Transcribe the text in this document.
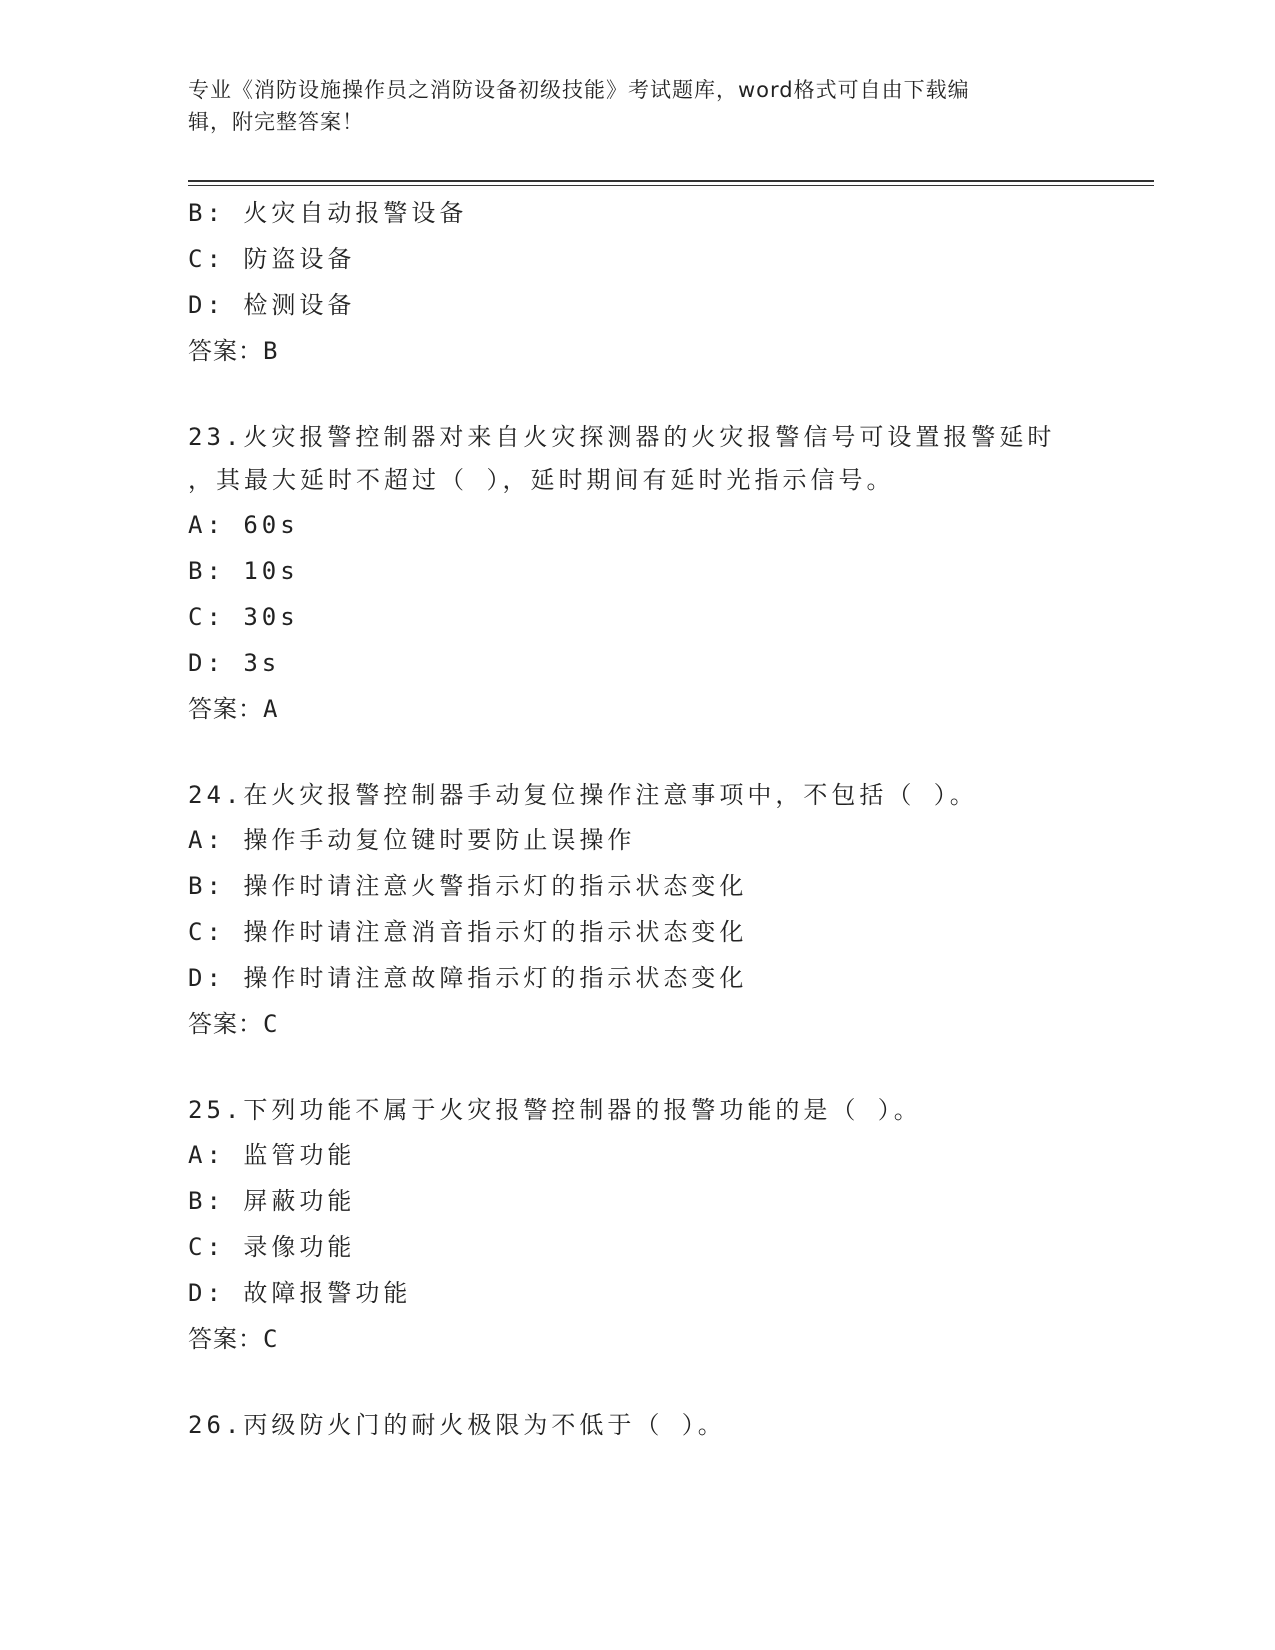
专业《消防设施操作员之消防设备初级技能》考试题库，word格式可自由下载编
辑，附完整答案！
B: 火灾自动报警设备
C: 防盗设备
D: 检测设备
答案：B
23.火灾报警控制器对来自火灾探测器的火灾报警信号可设置报警延时
，其最大延时不超过（ ），延时期间有延时光指示信号。
A: 60s
B: 10s
C: 30s
D: 3s
答案：A
24.在火灾报警控制器手动复位操作注意事项中，不包括（ ）。
A: 操作手动复位键时要防止误操作
B: 操作时请注意火警指示灯的指示状态变化
C: 操作时请注意消音指示灯的指示状态变化
D: 操作时请注意故障指示灯的指示状态变化
答案：C
25.下列功能不属于火灾报警控制器的报警功能的是（ ）。
A: 监管功能
B: 屏蔽功能
C: 录像功能
D: 故障报警功能
答案：C
26.丙级防火门的耐火极限为不低于（ ）。
